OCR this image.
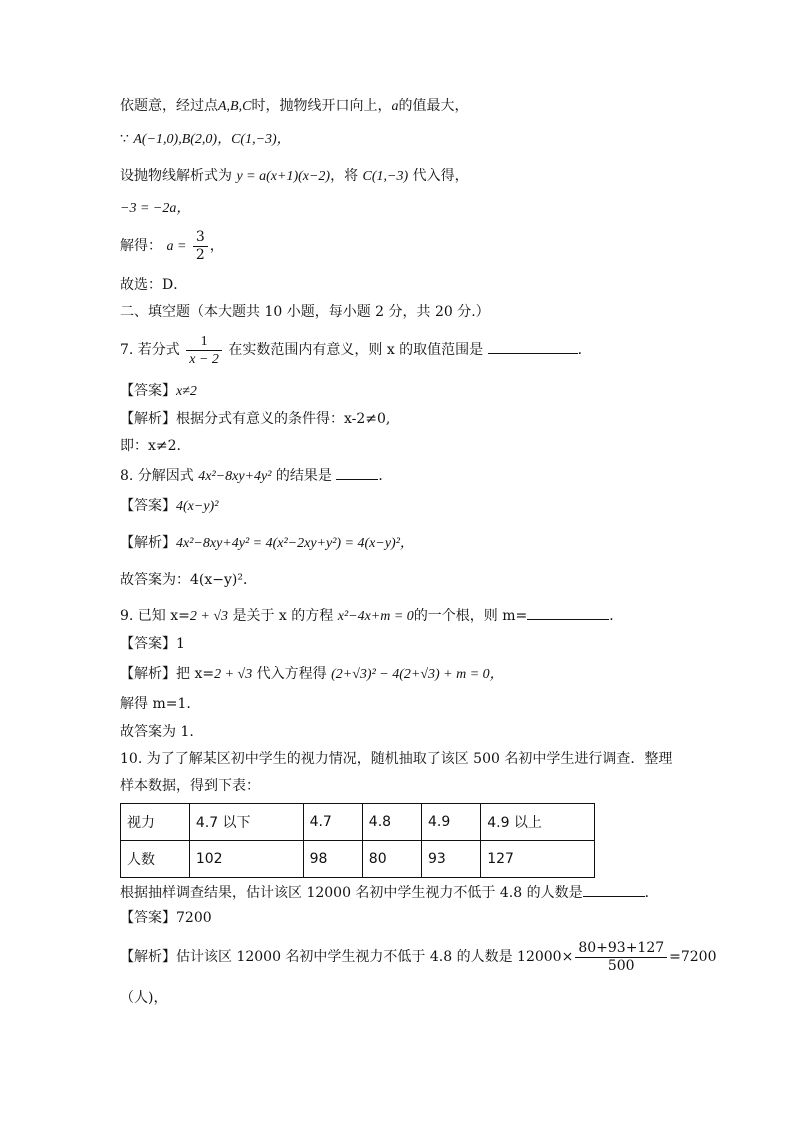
依题意，经过点A,B,C时，抛物线开口向上，a的值最大，
∵ A(−1,0),B(2,0)，C(1,−3)，
设抛物线解析式为 y = a(x+1)(x−2)，将 C(1,−3) 代入得，
−3 = −2a，
解得： $a = \frac{3}{2}$ ，
故选：D．
二、填空题（本大题共 10 小题，每小题 2 分，共 20 分.）
7. 若分式 $\frac{1}{x - 2}$ 在实数范围内有意义，则 x 的取值范围是	．
【答案】x≠2
【解析】根据分式有意义的条件得：x-2≠0,
即：x≠2.
8. 分解因式 4x²−8xy+4y² 的结果是	．
【答案】4(x−y)²
【解析】4x²−8xy+4y² = 4(x²−2xy+y²) = 4(x−y)²，
故答案为：4(x−y)²．
9. 已知 x=2 + √3 是关于 x 的方程 x²−4x+m = 0的一个根，则 m=	．
【答案】1
【解析】把 x=2 + √3 代入方程得 (2+√3)² − 4(2+√3) + m = 0，
解得 m=1.
故答案为 1.
10. 为了了解某区初中学生的视力情况，随机抽取了该区 500 名初中学生进行调查．整理
样本数据，得到下表：
视力	4.7 以下	4.7	4.8	4.9	4.9 以上
人数	102	98	80	93	127
根据抽样调查结果，估计该区 12000 名初中学生视力不低于 4.8 的人数是	．
【答案】7200
【解析】估计该区 12000 名初中学生视力不低于 4.8 的人数是 $12000\times \frac{80+93+127}{500} =7200$
（人)，
